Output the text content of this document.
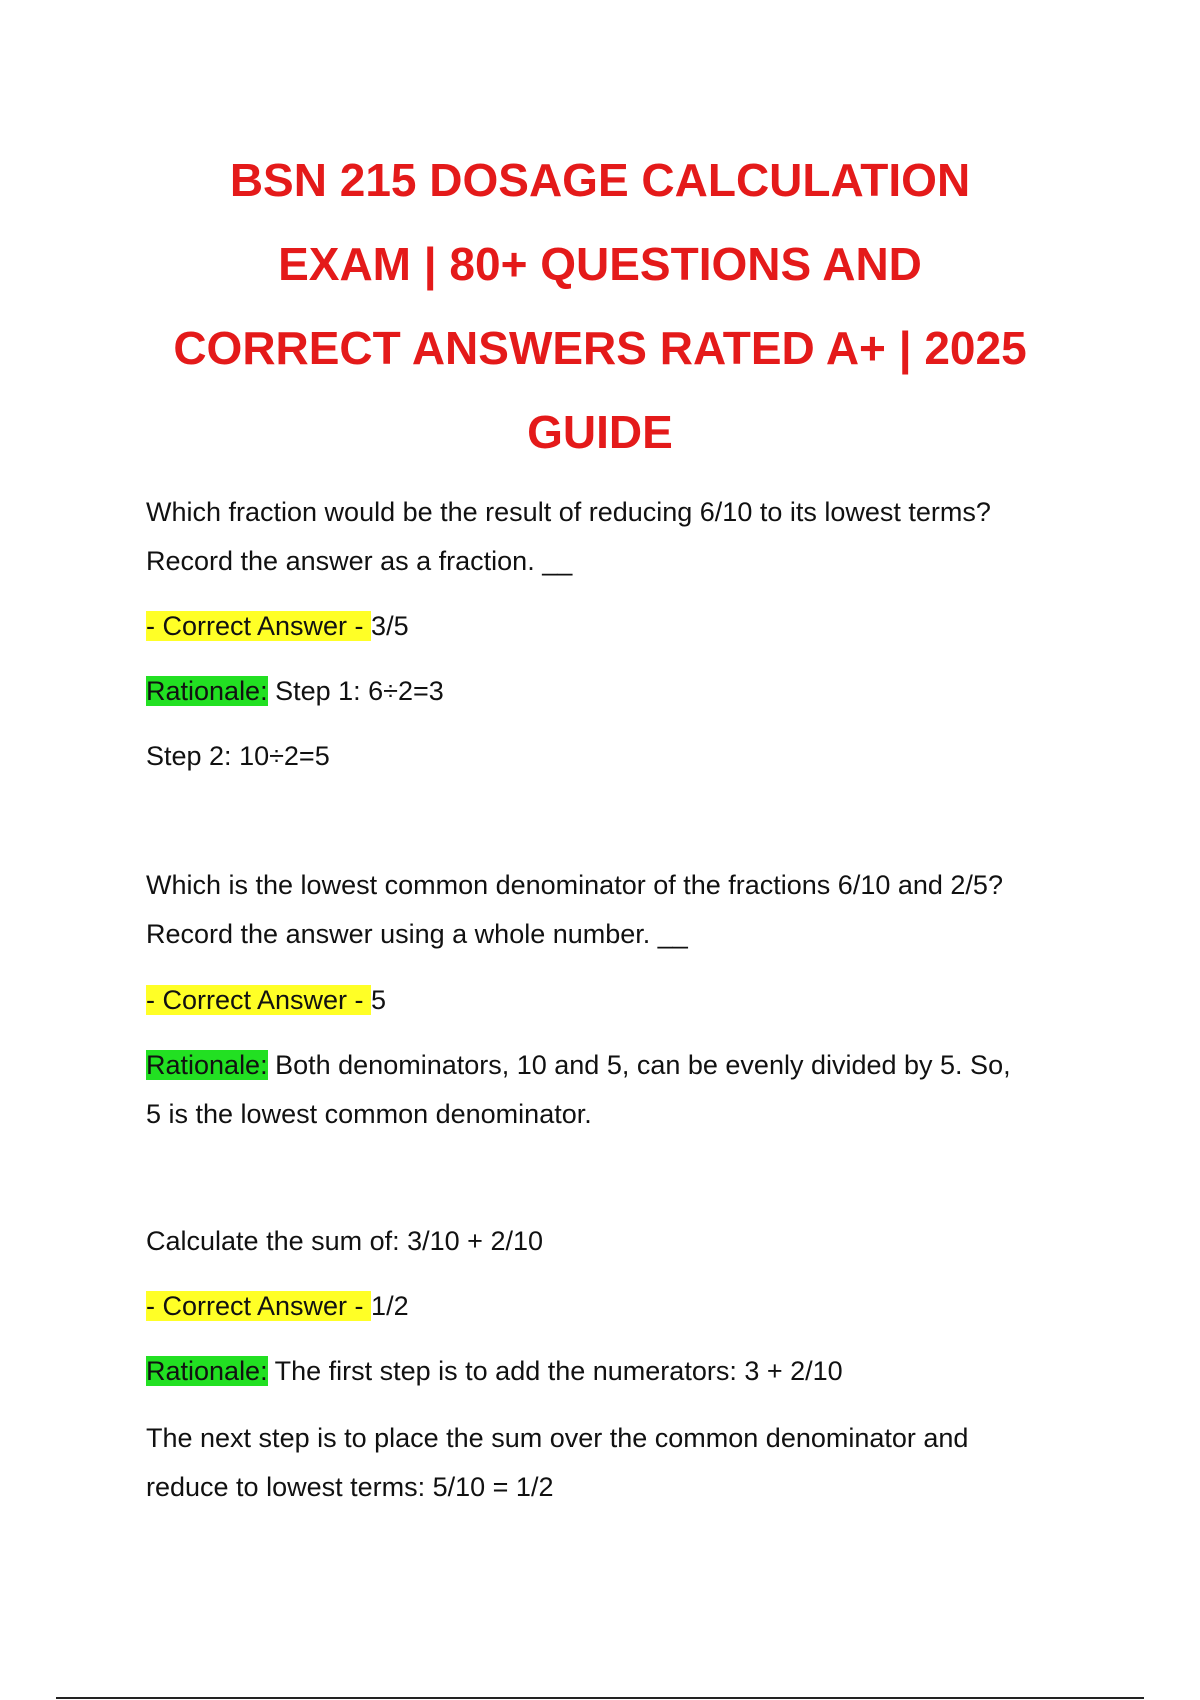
BSN 215 DOSAGE CALCULATION
EXAM | 80+ QUESTIONS AND
CORRECT ANSWERS RATED A+ | 2025
GUIDE
Which fraction would be the result of reducing 6/10 to its lowest terms?
Record the answer as a fraction. __
- Correct Answer - 3/5
Rationale: Step 1: 6÷2=3
Step 2: 10÷2=5
Which is the lowest common denominator of the fractions 6/10 and 2/5?
Record the answer using a whole number. __
- Correct Answer - 5
Rationale: Both denominators, 10 and 5, can be evenly divided by 5. So,
5 is the lowest common denominator.
Calculate the sum of: 3/10 + 2/10
- Correct Answer - 1/2
Rationale: The first step is to add the numerators: 3 + 2/10
The next step is to place the sum over the common denominator and
reduce to lowest terms: 5/10 = 1/2
